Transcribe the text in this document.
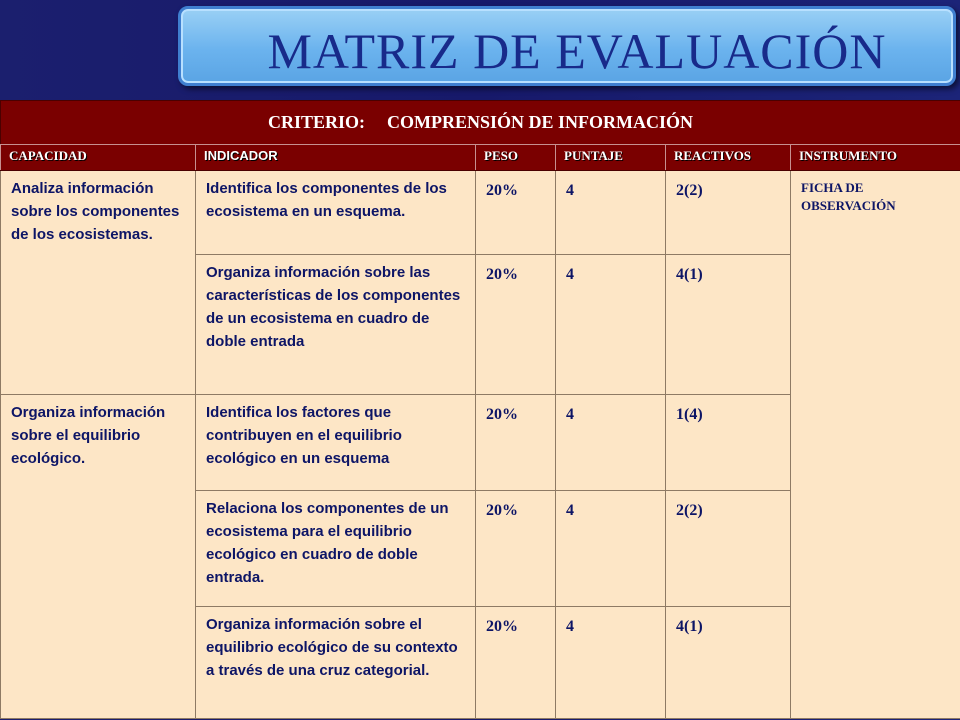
MATRIZ DE EVALUACIÓN
CRITERIO: COMPRENSIÓN DE INFORMACIÓN					
CAPACIDAD	INDICADOR	PESO	PUNTAJE	REACTIVOS	INSTRUMENTO
Analiza información sobre los componentes de los ecosistemas.	Identifica los componentes de los ecosistema en un esquema.	20%	4	2(2)	FICHA DE OBSERVACIÓN
	Organiza información sobre las características de los componentes de un ecosistema en cuadro de doble entrada	20%	4	4(1)	
Organiza información sobre el equilibrio ecológico.	Identifica los factores que contribuyen en el equilibrio ecológico en un esquema	20%	4	1(4)	
	Relaciona los componentes de un ecosistema para el equilibrio ecológico en cuadro de doble entrada.	20%	4	2(2)	
	Organiza información sobre el equilibrio ecológico de su contexto a través de una cruz categorial.	20%	4	4(1)	
